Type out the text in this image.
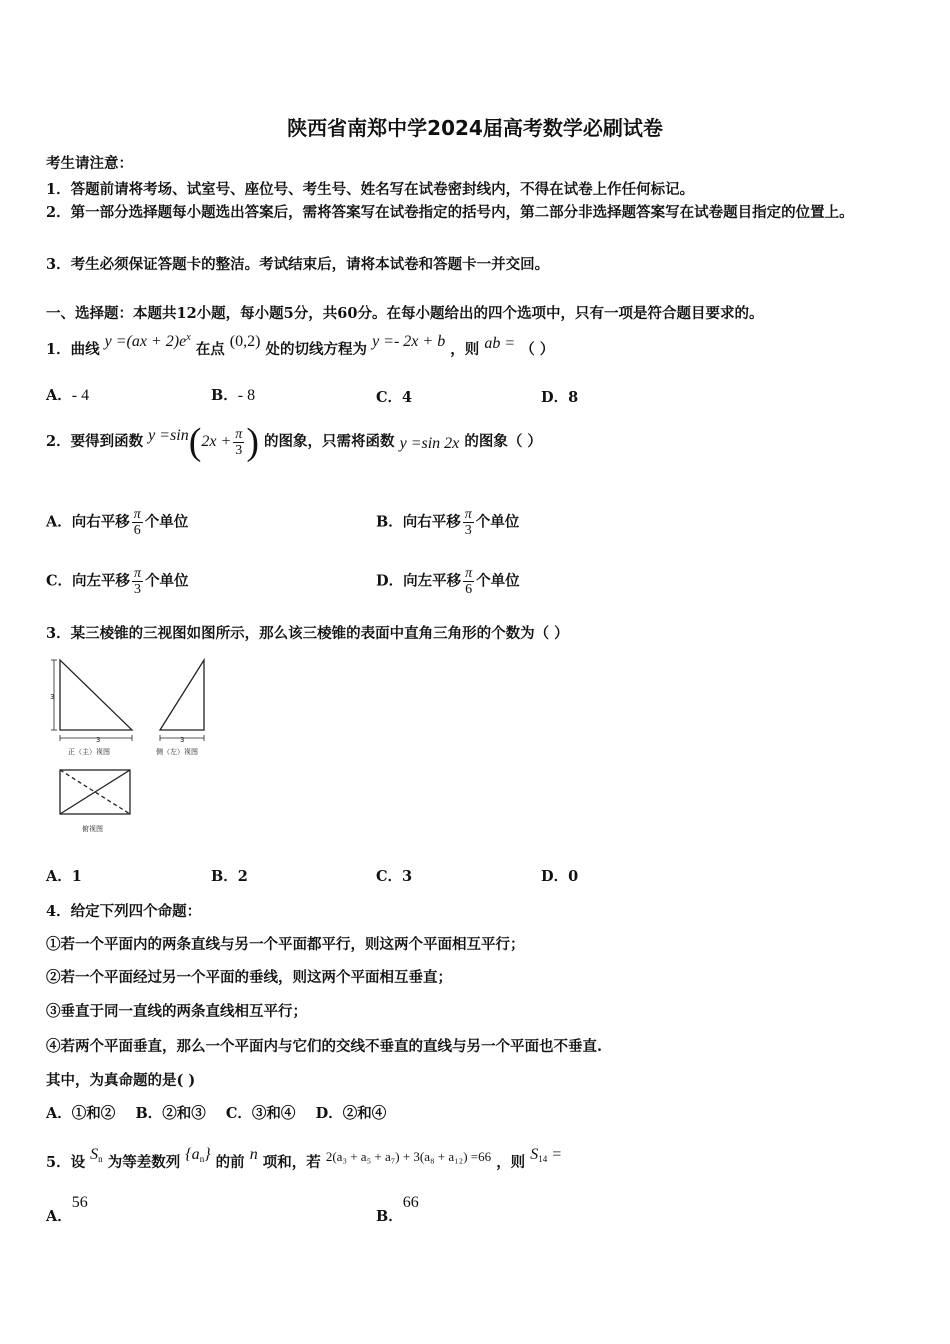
陕西省南郑中学2024届高考数学必刷试卷
考生请注意：
1．答题前请将考场、试室号、座位号、考生号、姓名写在试卷密封线内，不得在试卷上作任何标记。
2．第一部分选择题每小题选出答案后，需将答案写在试卷指定的括号内，第二部分非选择题答案写在试卷题目指定的位置上。
3．考生必须保证答题卡的整洁。考试结束后，请将本试卷和答题卡一并交回。
一、选择题：本题共12小题，每小题5分，共60分。在每小题给出的四个选项中，只有一项是符合题目要求的。
1．曲线 $y =(ax + 2)e^x$ 在点 (0,2) 处的切线方程为 y =- 2x + b ，则 ab = （ ）
A．- 4	B．- 8	C．4	D．8
2．要得到函数 $y =\sin(2x + \frac{\pi}{3}$ ) 的图象，只需将函数 y =sin 2x 的图象（ ）
A．向右平移 $\frac{\pi}{6}$ 个单位	B．向右平移 $\frac{\pi}{3}$ 个单位
C．向左平移 $\frac{\pi}{3}$ 个单位	D．向左平移 $\frac{\pi}{6}$ 个单位
3．某三棱锥的三视图如图所示，那么该三棱锥的表面中直角三角形的个数为（ ）
3
3
正（主）视图
3
侧（左）视图
俯视图
A．1	B．2	C．3	D．0
4．给定下列四个命题：
①若一个平面内的两条直线与另一个平面都平行，则这两个平面相互平行；
②若一个平面经过另一个平面的垂线，则这两个平面相互垂直；
③垂直于同一直线的两条直线相互平行；
④若两个平面垂直，那么一个平面内与它们的交线不垂直的直线与另一个平面也不垂直.
其中，为真命题的是( )
A．①和②    B．②和③    C．③和④    D．②和④
5．设 $S_n$ 为等差数列 $\{a_n\}$ 的前 n 项和，若 2(a₃ + a₅ + a₇) + 3(a₈ + a₁₂) =66 ，则 $S_{14}$ =
A．56
B．66
